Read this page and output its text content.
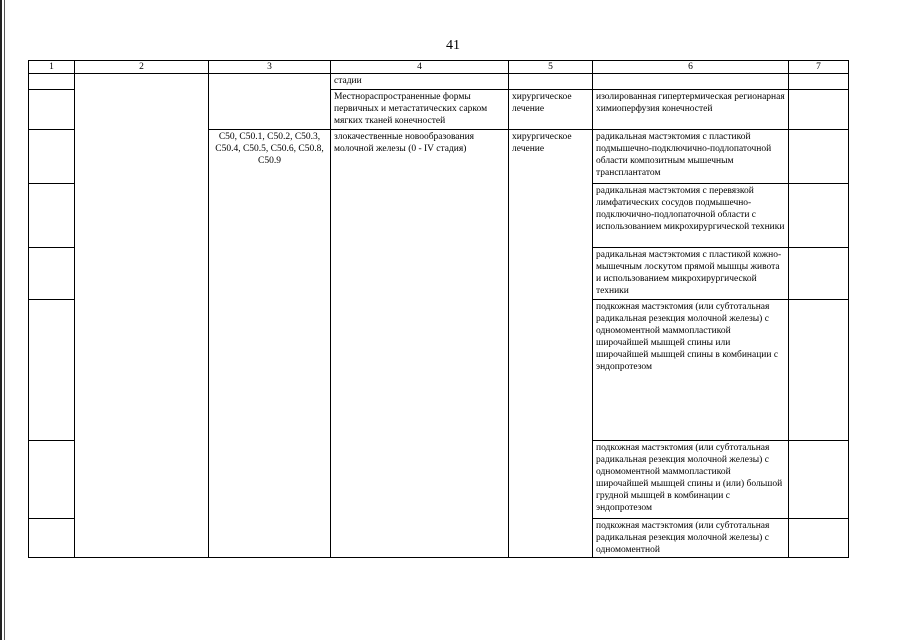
41
1	2	3	4	5	6	7
			стадии			
			Местнораспространенные формы первичных и метастатических сарком мягких тканей конечностей	хирургическое лечение	изолированная гипертермическая регионарная химиоперфузия конечностей	
		C50, C50.1, C50.2, C50.3, C50.4, C50.5, C50.6, C50.8, C50.9	злокачественные новообразования молочной железы (0 - IV стадия)	хирургическое лечение	радикальная мастэктомия с пластикой подмышечно-подключично-подлопаточной области композитным мышечным трансплантатом	
					радикальная мастэктомия с перевязкой лимфатических сосудов подмышечно-подключично-подлопаточной области с использованием микрохирургической техники	
					радикальная мастэктомия с пластикой кожно-мышечным лоскутом прямой мышцы живота и использованием микрохирургической техники	
					подкожная мастэктомия (или субтотальная радикальная резекция молочной железы) с одномоментной маммопластикой широчайшей мышцей спины или широчайшей мышцей спины в комбинации с эндопротезом	
					подкожная мастэктомия (или субтотальная радикальная резекция молочной железы) с одномоментной маммопластикой широчайшей мышцей спины и (или) большой грудной мышцей в комбинации с эндопротезом	
					подкожная мастэктомия (или субтотальная радикальная резекция молочной железы) с одномоментной	
